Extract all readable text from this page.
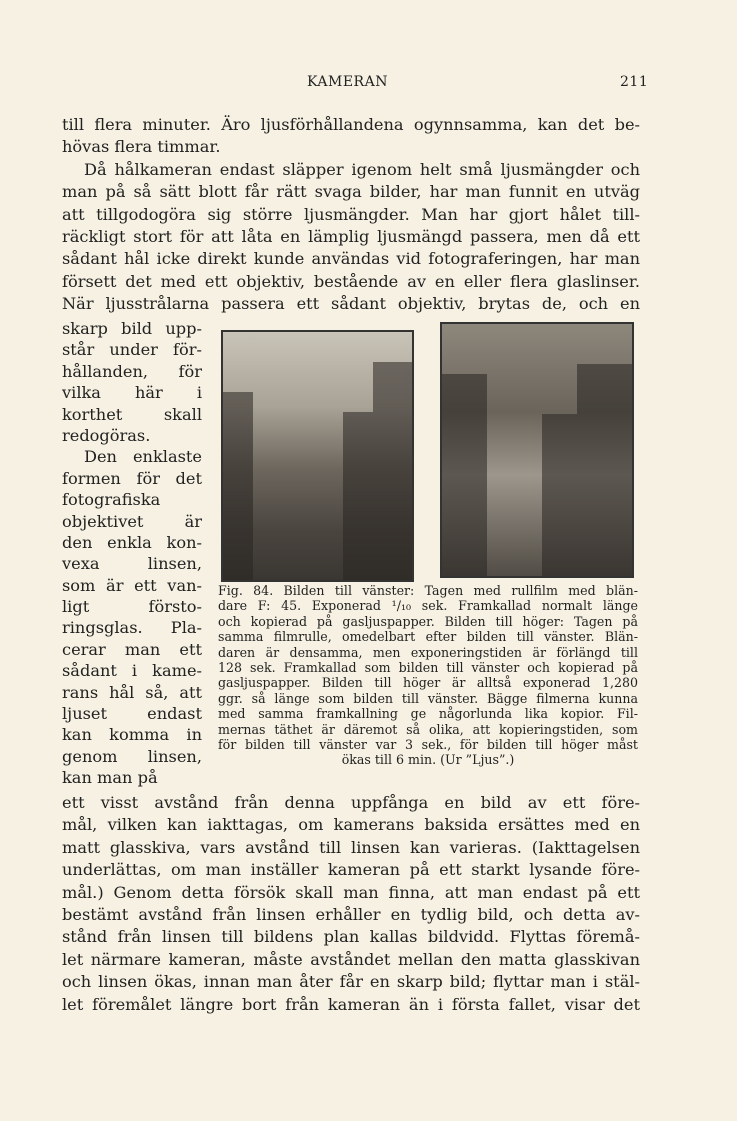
KAMERAN	211
till flera minuter. Äro ljusförhållandena ogynnsamma, kan det be-
hövas flera timmar.
Då hålkameran endast släpper igenom helt små ljusmängder och
man på så sätt blott får rätt svaga bilder, har man funnit en utväg
att tillgodogöra sig större ljusmängder. Man har gjort hålet till-
räckligt stort för att låta en lämplig ljusmängd passera, men då ett
sådant hål icke direkt kunde användas vid fotograferingen, har man
försett det med ett objektiv, bestående av en eller flera glaslinser.
När ljusstrålarna passera ett sådant objektiv, brytas de, och en
skarp bild upp-
står under för-
hållanden, för
vilka här i
korthet skall
redogöras.
Den enklaste
formen för det
fotografiska
objektivet är
den enkla kon-
vexa linsen,
som är ett van-
ligt försto-
ringsglas. Pla-
cerar man ett
sådant i kame-
rans hål så, att
ljuset endast
kan komma in
genom linsen,
kan man på
Fig. 84. Bilden till vänster: Tagen med rullfilm med blän-
dare F: 45. Exponerad ¹/₁₀ sek. Framkallad normalt länge
och kopierad på gasljuspapper. Bilden till höger: Tagen på
samma filmrulle, omedelbart efter bilden till vänster. Blän-
daren är densamma, men exponeringstiden är förlängd till
128 sek. Framkallad som bilden till vänster och kopierad på
gasljuspapper. Bilden till höger är alltså exponerad 1,280
ggr. så länge som bilden till vänster. Bägge filmerna kunna
med samma framkallning ge någorlunda lika kopior. Fil-
mernas täthet är däremot så olika, att kopieringstiden, som
för bilden till vänster var 3 sek., för bilden till höger måst
ökas till 6 min. (Ur ”Ljus”.)
ett visst avstånd från denna uppfånga en bild av ett före-
mål, vilken kan iakttagas, om kamerans baksida ersättes med en
matt glasskiva, vars avstånd till linsen kan varieras. (Iakttagelsen
underlättas, om man inställer kameran på ett starkt lysande före-
mål.) Genom detta försök skall man finna, att man endast på ett
bestämt avstånd från linsen erhåller en tydlig bild, och detta av-
stånd från linsen till bildens plan kallas bildvidd. Flyttas föremå-
let närmare kameran, måste avståndet mellan den matta glasskivan
och linsen ökas, innan man åter får en skarp bild; flyttar man i stäl-
let föremålet längre bort från kameran än i första fallet, visar det
